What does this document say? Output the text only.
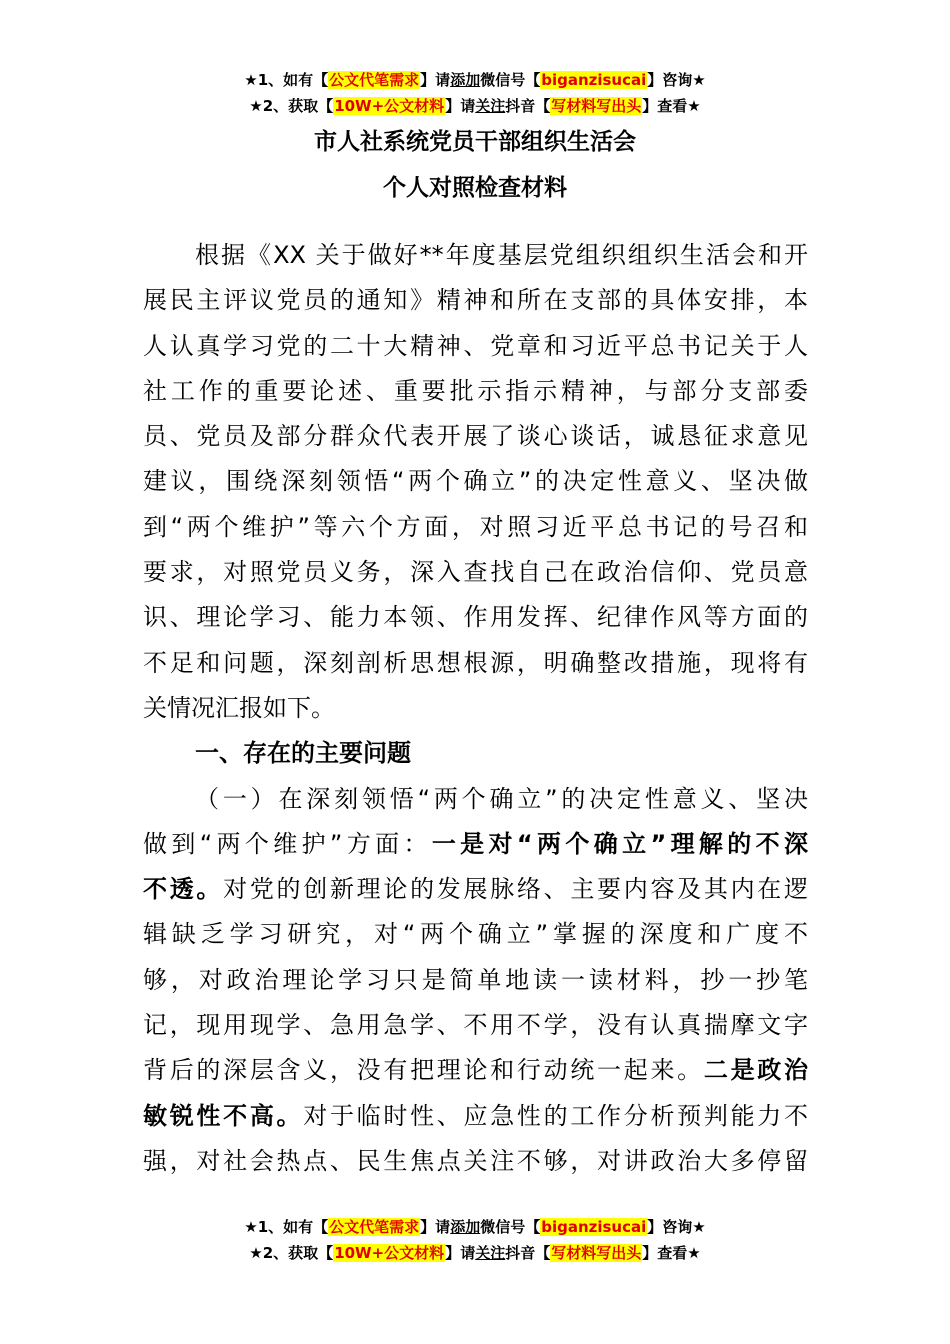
★1、如有【公文代笔需求】请添加微信号【biganzisucai】咨询★
★2、获取【10W+公文材料】请关注抖音【写材料写出头】查看★
市人社系统党员干部组织生活会
个人对照检查材料
根据《XX 关于做好**年度基层党组织组织生活会和开
展民主评议党员的通知》精神和所在支部的具体安排，本
人认真学习党的二十大精神、党章和习近平总书记关于人
社工作的重要论述、重要批示指示精神，与部分支部委
员、党员及部分群众代表开展了谈心谈话，诚恳征求意见
建议，围绕深刻领悟“两个确立”的决定性意义、坚决做
到“两个维护”等六个方面，对照习近平总书记的号召和
要求，对照党员义务，深入查找自己在政治信仰、党员意
识、理论学习、能力本领、作用发挥、纪律作风等方面的
不足和问题，深刻剖析思想根源，明确整改措施，现将有
关情况汇报如下。
一、存在的主要问题
（一）在深刻领悟“两个确立”的决定性意义、坚决
做到“两个维护”方面：一是对“两个确立”理解的不深
不透。对党的创新理论的发展脉络、主要内容及其内在逻
辑缺乏学习研究，对“两个确立”掌握的深度和广度不
够，对政治理论学习只是简单地读一读材料，抄一抄笔
记，现用现学、急用急学、不用不学，没有认真揣摩文字
背后的深层含义，没有把理论和行动统一起来。二是政治
敏锐性不高。对于临时性、应急性的工作分析预判能力不
强，对社会热点、民生焦点关注不够，对讲政治大多停留
★1、如有【公文代笔需求】请添加微信号【biganzisucai】咨询★
★2、获取【10W+公文材料】请关注抖音【写材料写出头】查看★
